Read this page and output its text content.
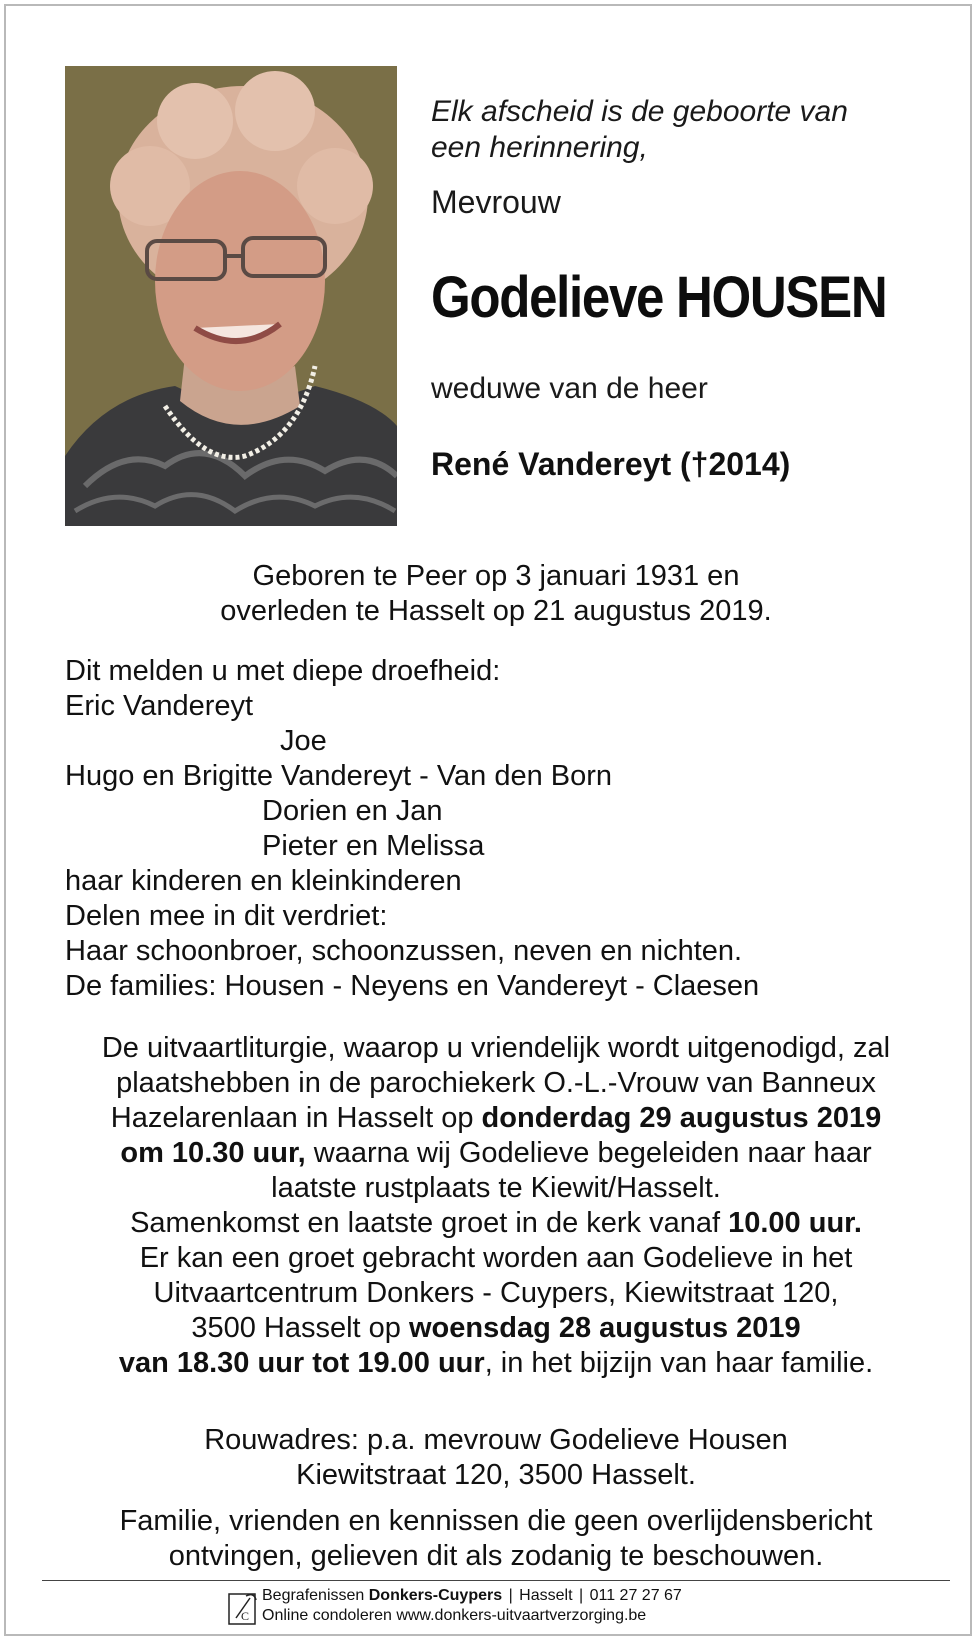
Elk afscheid is de geboorte van
een herinnering,
Mevrouw
Godelieve HOUSEN
weduwe van de heer
René Vandereyt (†2014)
Geboren te Peer op 3 januari 1931 en
overleden te Hasselt op 21 augustus 2019.
Dit melden u met diepe droefheid:
Eric Vandereyt
Joe
Hugo en Brigitte Vandereyt - Van den Born
Dorien en Jan
Pieter en Melissa
haar kinderen en kleinkinderen
Delen mee in dit verdriet:
Haar schoonbroer, schoonzussen, neven en nichten.
De families: Housen - Neyens en Vandereyt - Claesen
De uitvaartliturgie, waarop u vriendelijk wordt uitgenodigd, zal
plaatshebben in de parochiekerk O.-L.-Vrouw van Banneux
Hazelarenlaan in Hasselt op donderdag 29 augustus 2019
om 10.30 uur, waarna wij Godelieve begeleiden naar haar
laatste rustplaats te Kiewit/Hasselt.
Samenkomst en laatste groet in de kerk vanaf 10.00 uur.
Er kan een groet gebracht worden aan Godelieve in het
Uitvaartcentrum Donkers - Cuypers, Kiewitstraat 120,
3500 Hasselt op woensdag 28 augustus 2019
van 18.30 uur tot 19.00 uur, in het bijzijn van haar familie.
Rouwadres: p.a. mevrouw Godelieve Housen
Kiewitstraat 120, 3500 Hasselt.
Familie, vrienden en kennissen die geen overlijdensbericht
ontvingen, gelieven dit als zodanig te beschouwen.
C
Begrafenissen Donkers-Cuypers | Hasselt | 011 27 27 67
Online condoleren www.donkers-uitvaartverzorging.be
